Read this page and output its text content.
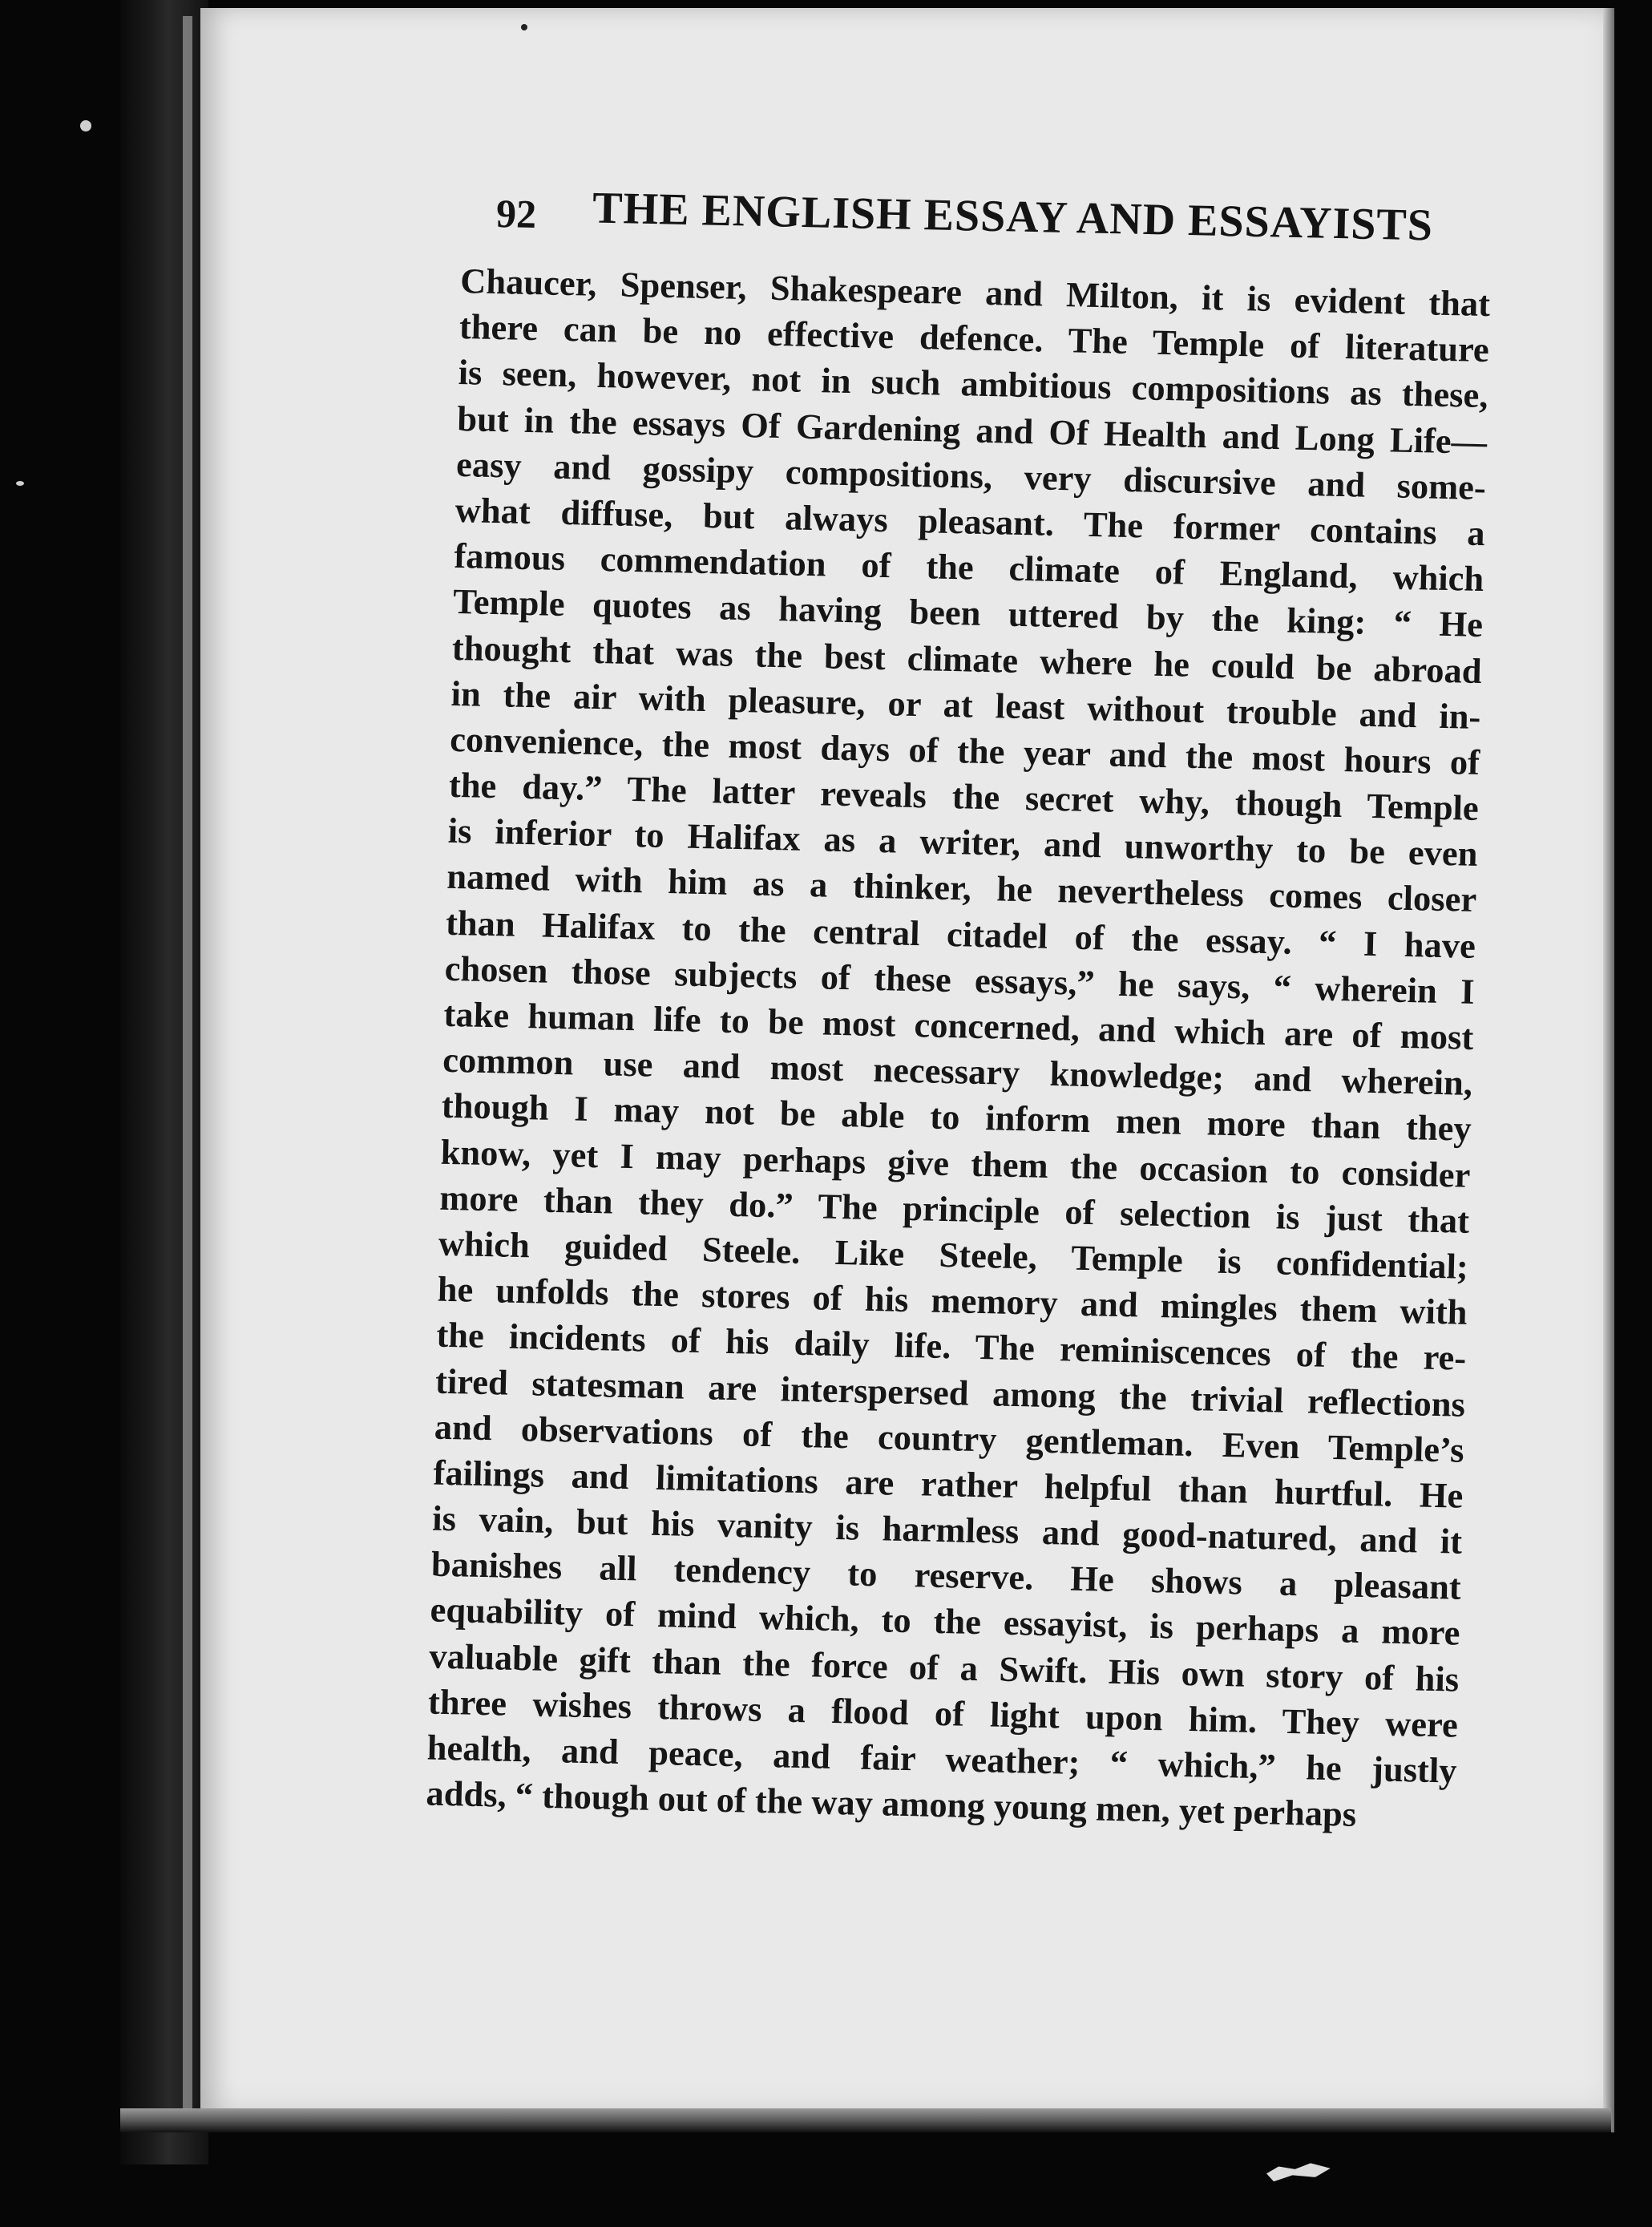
92 THE ENGLISH ESSAY AND ESSAYISTS
Chaucer, Spenser, Shakespeare and Milton, it is evident that
there can be no effective defence. The Temple of literature
is seen, however, not in such ambitious compositions as these,
but in the essays Of Gardening and Of Health and Long Life—
easy and gossipy compositions, very discursive and some-
what diffuse, but always pleasant. The former contains a
famous commendation of the climate of England, which
Temple quotes as having been uttered by the king: “ He
thought that was the best climate where he could be abroad
in the air with pleasure, or at least without trouble and in-
convenience, the most days of the year and the most hours of
the day.” The latter reveals the secret why, though Temple
is inferior to Halifax as a writer, and unworthy to be even
named with him as a thinker, he nevertheless comes closer
than Halifax to the central citadel of the essay. “ I have
chosen those subjects of these essays,” he says, “ wherein I
take human life to be most concerned, and which are of most
common use and most necessary knowledge; and wherein,
though I may not be able to inform men more than they
know, yet I may perhaps give them the occasion to consider
more than they do.” The principle of selection is just that
which guided Steele. Like Steele, Temple is confidential;
he unfolds the stores of his memory and mingles them with
the incidents of his daily life. The reminiscences of the re-
tired statesman are interspersed among the trivial reflections
and observations of the country gentleman. Even Temple’s
failings and limitations are rather helpful than hurtful. He
is vain, but his vanity is harmless and good-natured, and it
banishes all tendency to reserve. He shows a pleasant
equability of mind which, to the essayist, is perhaps a more
valuable gift than the force of a Swift. His own story of his
three wishes throws a flood of light upon him. They were
health, and peace, and fair weather; “ which,” he justly
adds, “ though out of the way among young men, yet perhaps
